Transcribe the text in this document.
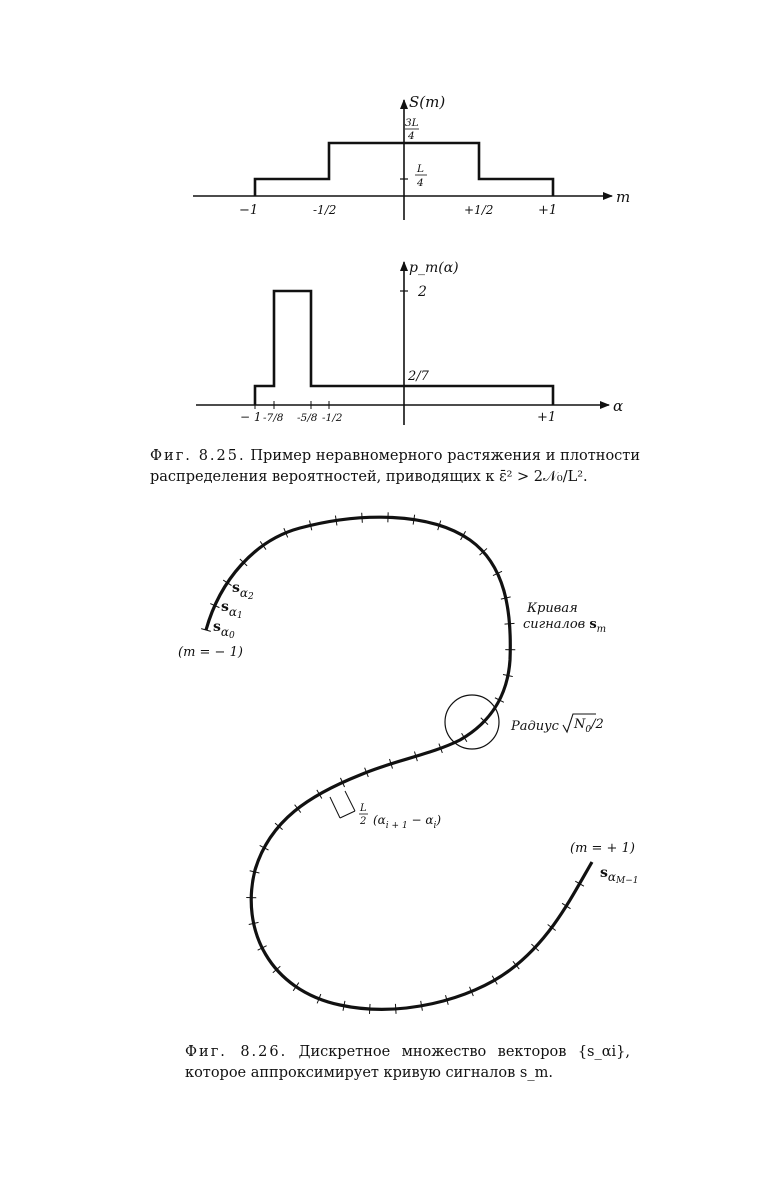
S(m)
m
3L
4
L
4
−1	-1/2	+1/2	+1
p_m(α)
α
2
2/7
− 1 -7/8 -5/8 -1/2	+1
Фиг. 8.25. Пример неравномерного растяжения и плотности распределения вероятностей, приводящих к ε̄² > 2𝒩₀/L².
sα2
sα1
sα0
(m = − 1)
Кривая
сигналов $s_m$
Радиус $N_0/2$
L
2 $(\alpha_{i + 1} - \alpha_i)$
(m = + 1)
sαM−1
Фиг. 8.26. Дискретное множество векторов {s_αi}, которое аппроксимирует кривую сигналов s_m.
